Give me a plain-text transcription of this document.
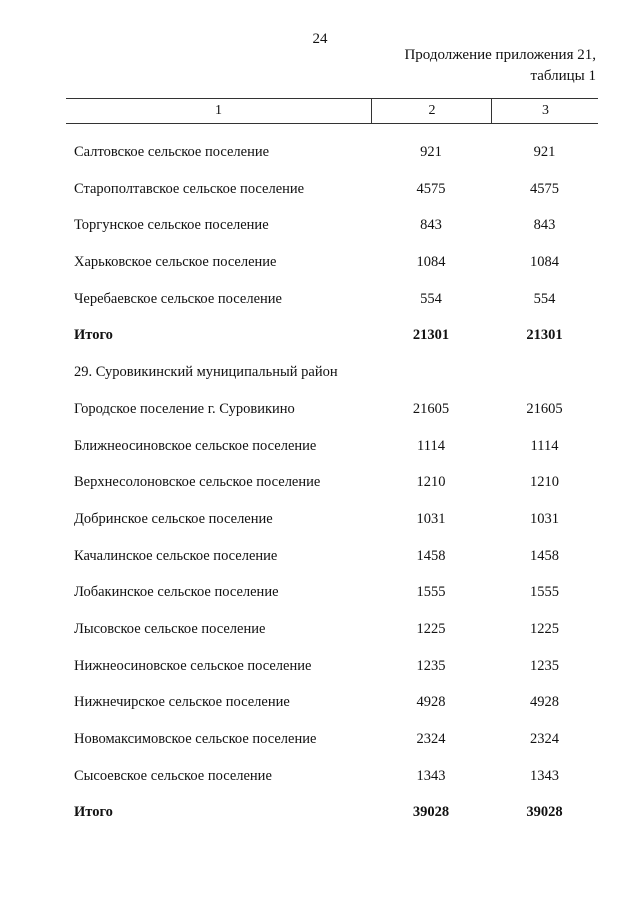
24
Продолжение приложения 21,
таблицы 1
1	2	3
Салтовское сельское поселение	921	921
Старополтавское сельское поселение	4575	4575
Торгунское сельское поселение	843	843
Харьковское сельское поселение	1084	1084
Черебаевское сельское поселение	554	554
Итого	21301	21301
29. Суровикинский муниципальный район
Городское поселение г. Суровикино	21605	21605
Ближнеосиновское сельское поселение	1114	1114
Верхнесолоновское сельское поселение	1210	1210
Добринское сельское поселение	1031	1031
Качалинское сельское поселение	1458	1458
Лобакинское сельское поселение	1555	1555
Лысовское сельское поселение	1225	1225
Нижнеосиновское сельское поселение	1235	1235
Нижнечирское сельское поселение	4928	4928
Новомаксимовское сельское поселение	2324	2324
Сысоевское сельское поселение	1343	1343
Итого	39028	39028
